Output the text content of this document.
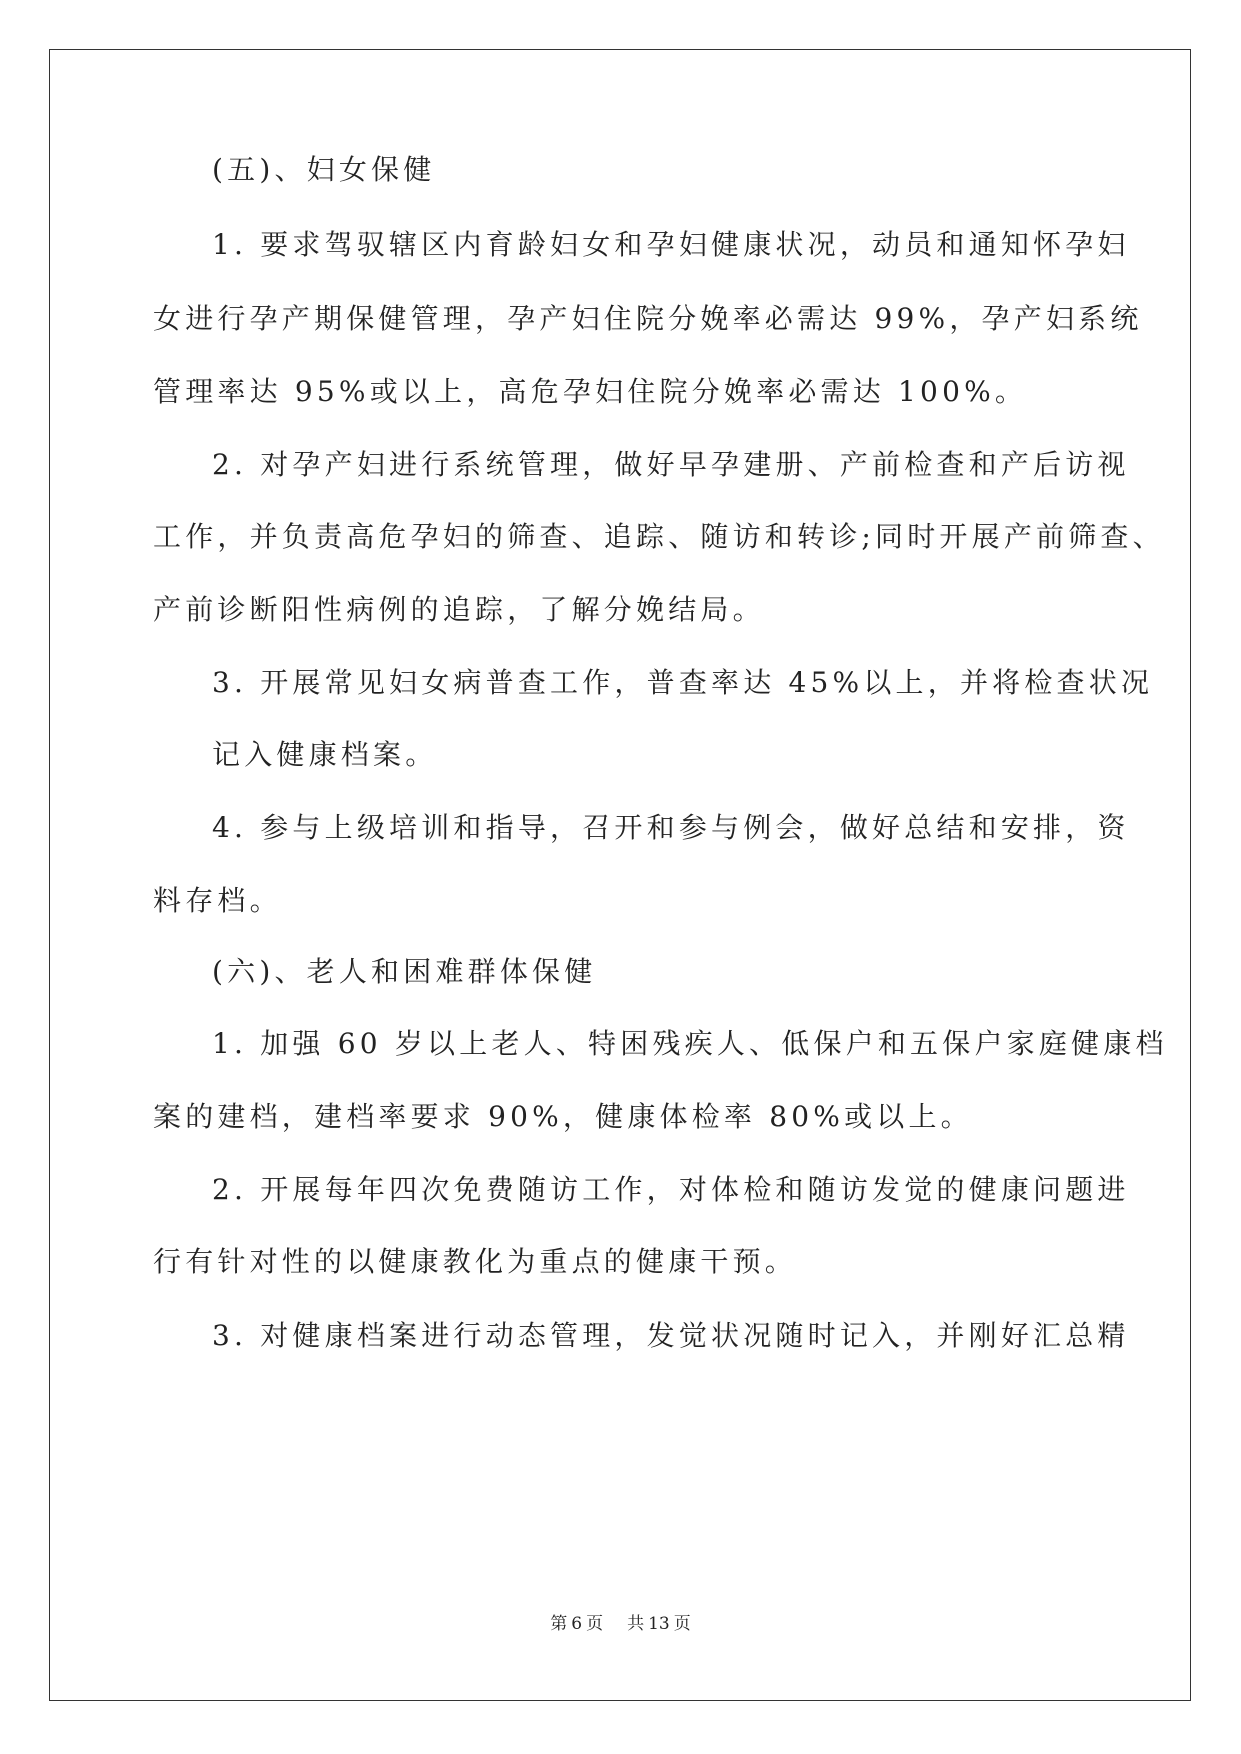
(五)、妇女保健
1. 要求驾驭辖区内育龄妇女和孕妇健康状况，动员和通知怀孕妇
女进行孕产期保健管理，孕产妇住院分娩率必需达 99%，孕产妇系统
管理率达 95%或以上，高危孕妇住院分娩率必需达 100%。
2. 对孕产妇进行系统管理，做好早孕建册、产前检查和产后访视
工作，并负责高危孕妇的筛查、追踪、随访和转诊;同时开展产前筛查、
产前诊断阳性病例的追踪，了解分娩结局。
3. 开展常见妇女病普查工作，普查率达 45%以上，并将检查状况
记入健康档案。
4. 参与上级培训和指导，召开和参与例会，做好总结和安排，资
料存档。
(六)、老人和困难群体保健
1. 加强 60 岁以上老人、特困残疾人、低保户和五保户家庭健康档
案的建档，建档率要求 90%，健康体检率 80%或以上。
2. 开展每年四次免费随访工作，对体检和随访发觉的健康问题进
行有针对性的以健康教化为重点的健康干预。
3. 对健康档案进行动态管理，发觉状况随时记入，并刚好汇总精
第 6 页 共 13 页
